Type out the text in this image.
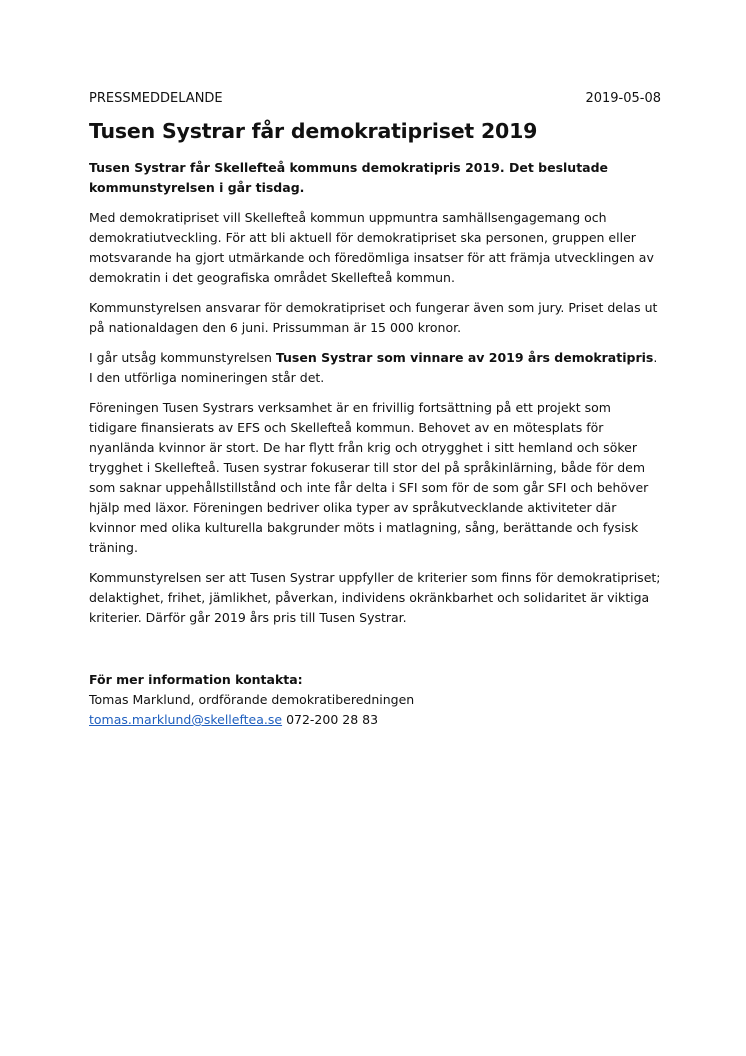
PRESSMEDDELANDE	2019-05-08
Tusen Systrar får demokratipriset 2019

Tusen Systrar får Skellefteå kommuns demokratipris 2019. Det beslutade kommunstyrelsen i går tisdag.

Med demokratipriset vill Skellefteå kommun uppmuntra samhällsengagemang och demokratiutveckling. För att bli aktuell för demokratipriset ska personen, gruppen eller motsvarande ha gjort utmärkande och föredömliga insatser för att främja utvecklingen av demokratin i det geografiska området Skellefteå kommun.

Kommunstyrelsen ansvarar för demokratipriset och fungerar även som jury. Priset delas ut på nationaldagen den 6 juni. Prissumman är 15 000 kronor.

I går utsåg kommunstyrelsen Tusen Systrar som vinnare av 2019 års demokratipris. I den utförliga nomineringen står det.

Föreningen Tusen Systrars verksamhet är en frivillig fortsättning på ett projekt som tidigare finansierats av EFS och Skellefteå kommun. Behovet av en mötesplats för nyanlända kvinnor är stort. De har flytt från krig och otrygghet i sitt hemland och söker trygghet i Skellefteå. Tusen systrar fokuserar till stor del på språkinlärning, både för dem som saknar uppehållstillstånd och inte får delta i SFI som för de som går SFI och behöver hjälp med läxor. Föreningen bedriver olika typer av språkutvecklande aktiviteter där kvinnor med olika kulturella bakgrunder möts i matlagning, sång, berättande och fysisk träning.

Kommunstyrelsen ser att Tusen Systrar uppfyller de kriterier som finns för demokratipriset; delaktighet, frihet, jämlikhet, påverkan, individens okränkbarhet och solidaritet är viktiga kriterier. Därför går 2019 års pris till Tusen Systrar.

För mer information kontakta:
Tomas Marklund, ordförande demokratiberedningen
tomas.marklund@skelleftea.se 072-200 28 83
